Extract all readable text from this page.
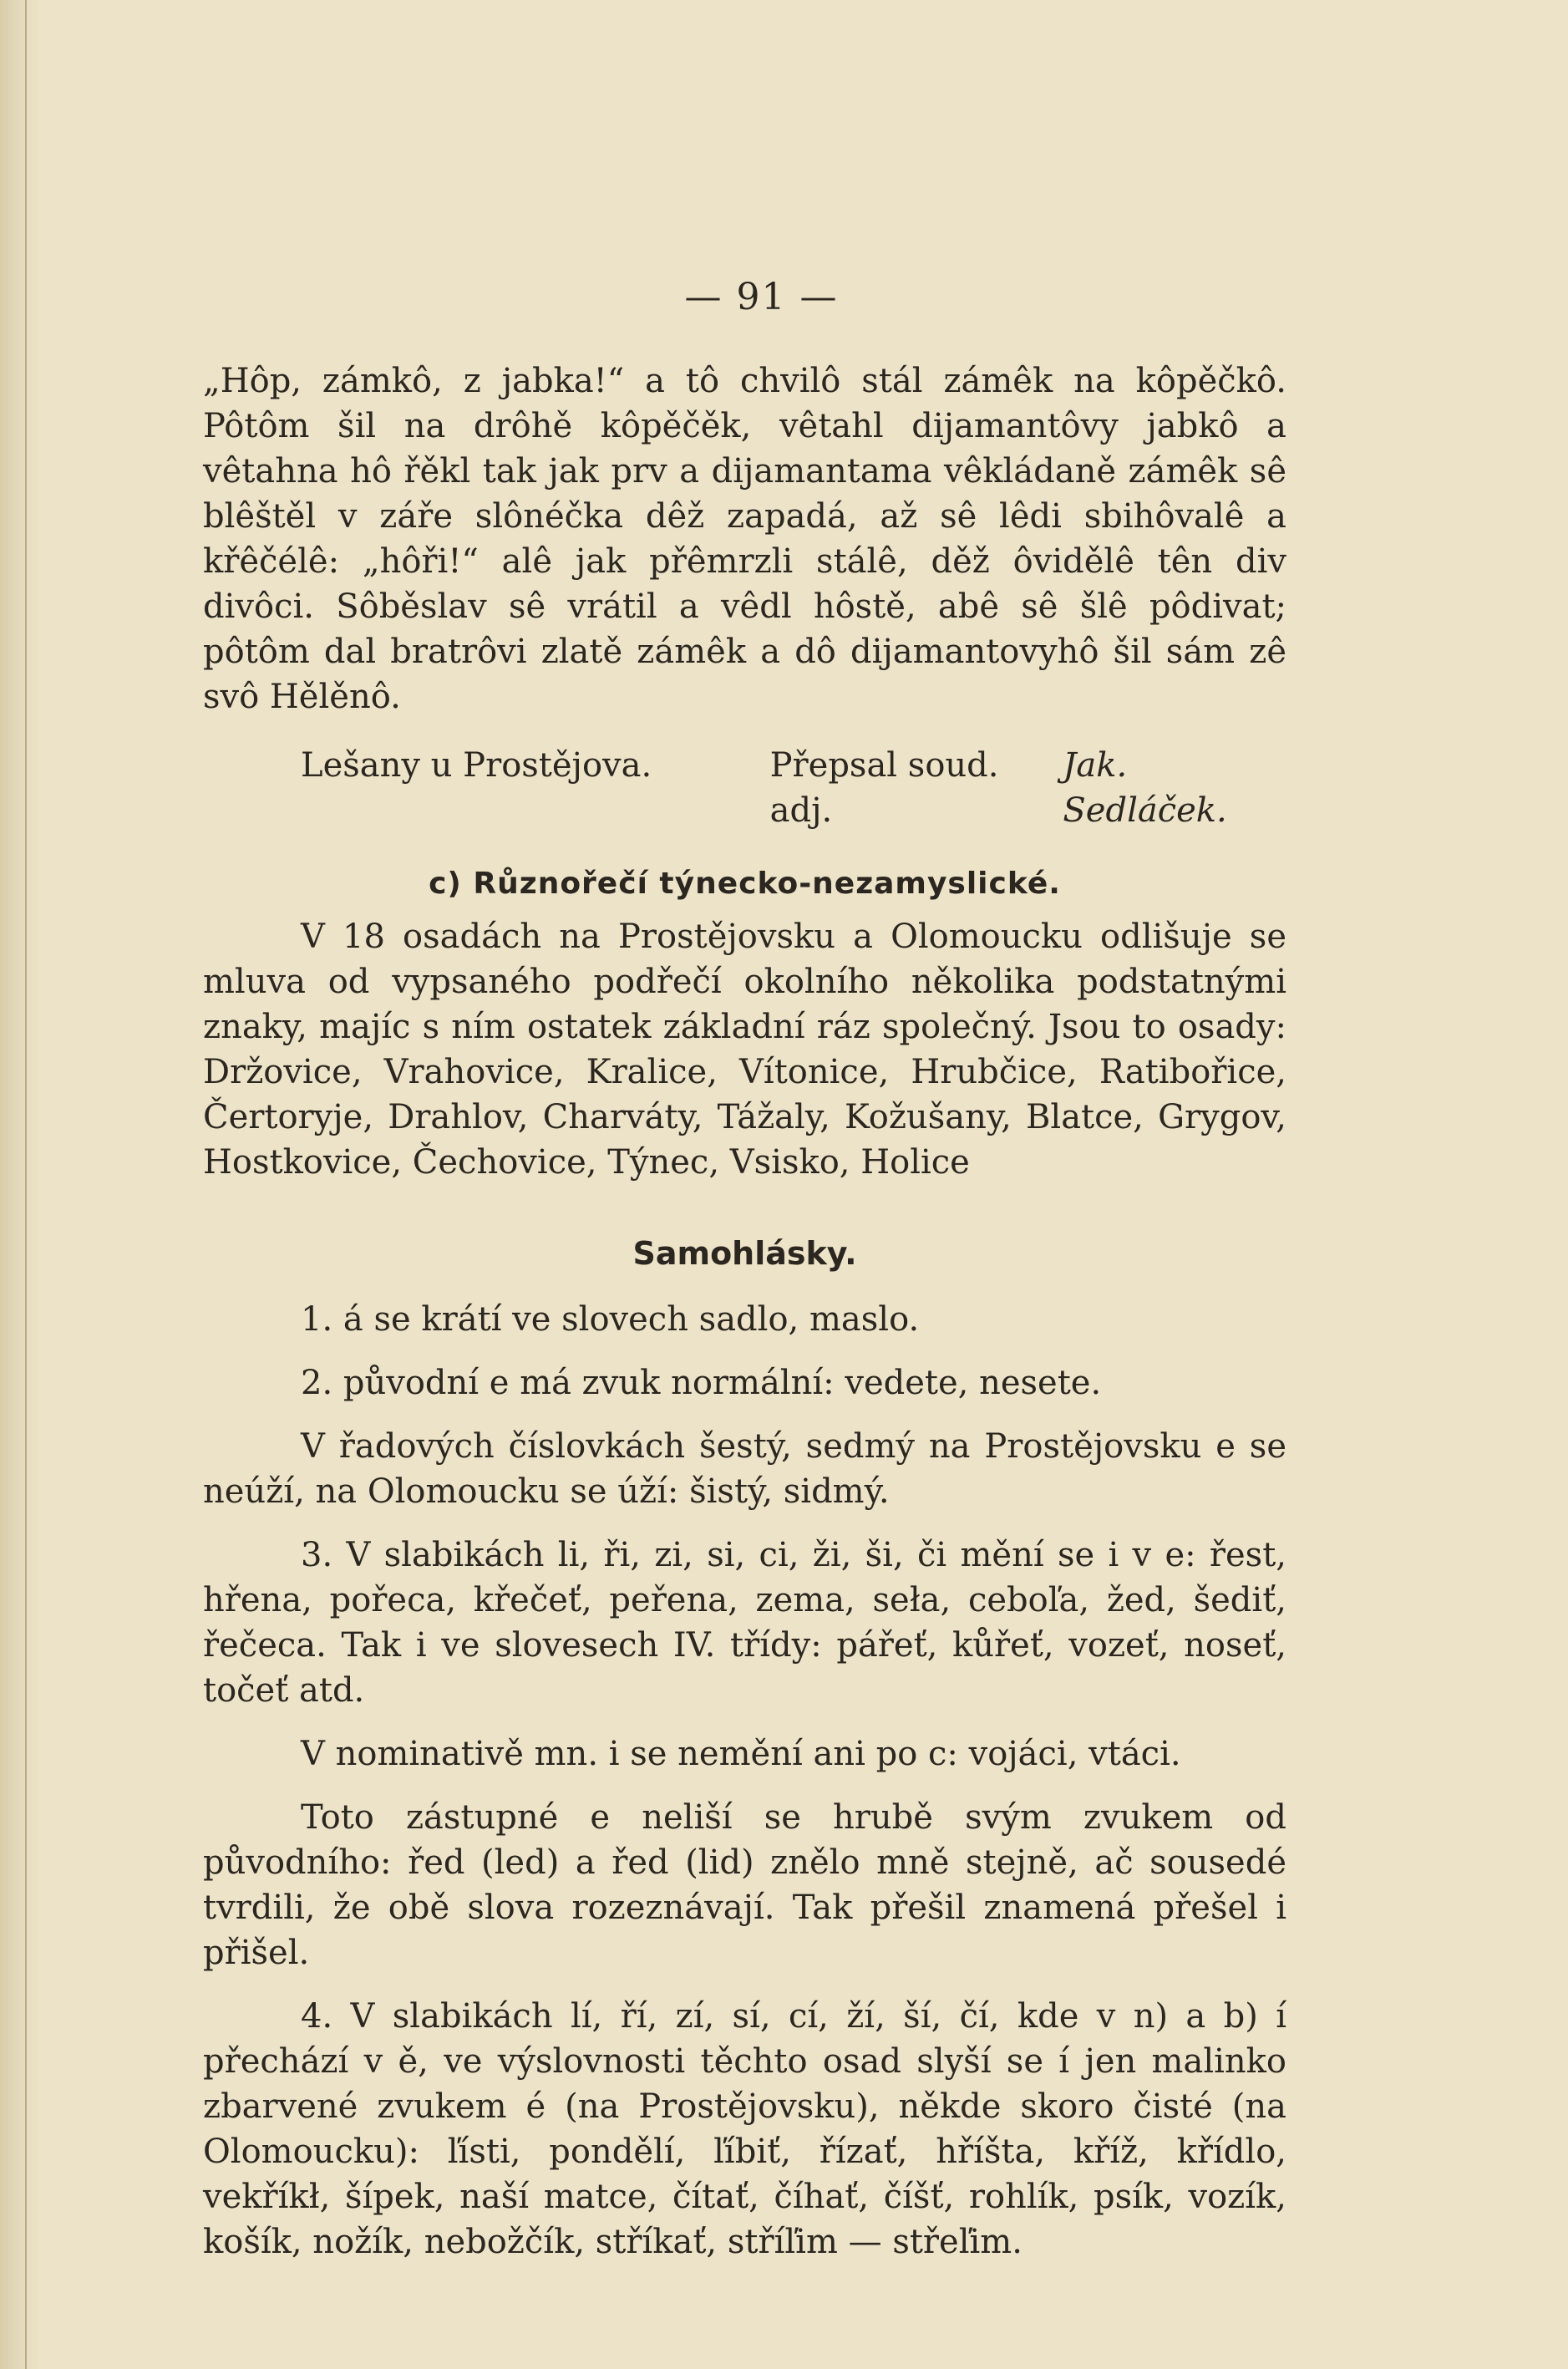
— 91 —

„Hôp, zámkô, z jabka!“ a tô chvilô stál zámêk na kôpěčkô. Pôtôm šil na drôhě kôpěčěk, vêtahl dijamantôvy jabkô a vêtahna hô řěkl tak jak prv a dijamantama vêkládaně zámêk sê blêštěl v záře slônéčka dêž zapadá, až sê lêdi sbihôvalê a křêčélê: „hôři!“ alê jak přêmrzli stálê, děž ôvidělê tên div divôci. Sôběslav sê vrátil a vêdl hôstě, abê sê šlê pôdivat; pôtôm dal bratrôvi zlatě zámêk a dô dijamantovyhô šil sám zê svô Hělěnô.

Lešany u Prostějova.	Přepsal soud. adj.

Jak. Sedláček.
c) Různořečí týnecko-nezamyslické.

V 18 osadách na Prostějovsku a Olomoucku odlišuje se mluva od vypsaného podřečí okolního několika podstatnými znaky, majíc s ním ostatek základní ráz společný. Jsou to osady: Držovice, Vrahovice, Kralice, Vítonice, Hrubčice, Ratibořice, Čertoryje, Drahlov, Charváty, Tážaly, Kožušany, Blatce, Grygov, Hostkovice, Čechovice, Týnec, Vsisko, Holice

Samohlásky.

1. á se krátí ve slovech sadlo, maslo.

2. původní e má zvuk normální: vedete, nesete.

V řadových číslovkách šestý, sedmý na Prostějovsku e se neúží, na Olomoucku se úží: šistý, sidmý.

3. V slabikách li, ři, zi, si, ci, ži, ši, či mění se i v e: řest, hřena, pořeca, křečeť, peřena, zema, seła, ceboľa, žed, šediť, řečeca. Tak i ve slovesech IV. třídy: pářeť, kůřeť, vozeť, noseť, točeť atd.

V nominativě mn. i se nemění ani po c: vojáci, vtáci.

Toto zástupné e neliší se hrubě svým zvukem od původního: řed (led) a řed (lid) znělo mně stejně, ač sousedé tvrdili, že obě slova rozeznávají. Tak přešil znamená přešel i přišel.

4. V slabikách lí, ří, zí, sí, cí, ží, ší, čí, kde v n) a b) í přechází v ě, ve výslovnosti těchto osad slyší se í jen malinko zbarvené zvukem é (na Prostějovsku), někde skoro čisté (na Olomoucku): ľísti, pondělí, ľíbiť, řízať, hříšta, kříž, křídlo, vekříkł, šípek, naší matce, čítať, číhať, číšť, rohlík, psík, vozík, košík, nožík, nebožčík, stříkať, stříľim — střeľim.
